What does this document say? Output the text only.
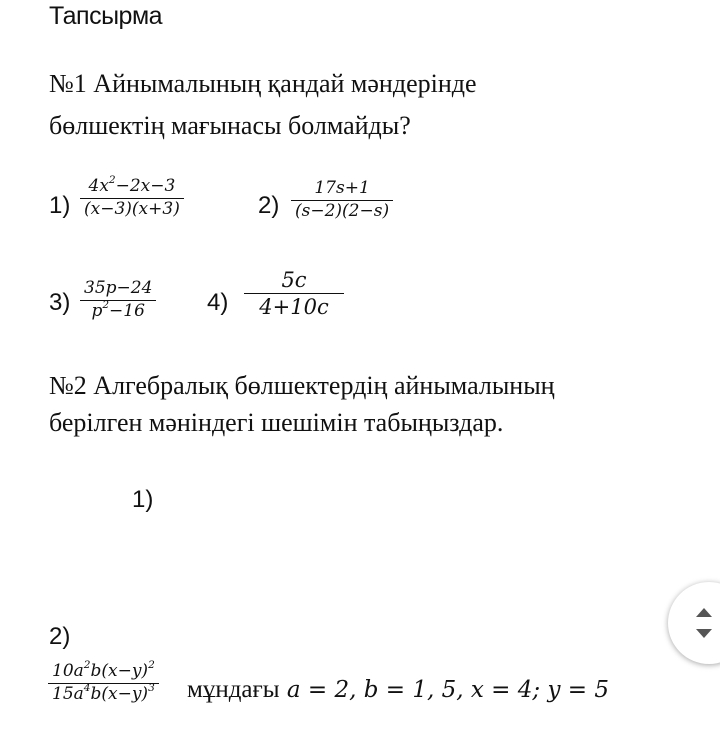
Тапсырма
№1 Айнымалының қандай мәндерінде
бөлшектің мағынасы болмайды?
1)
$4x^2-2x-3$
(x−3)(x+3)	2)
17s+1
(s−2)(2−s)
3)
35p−24
$p^2-16$	4)
5c
4+10c
№2 Алгебралық бөлшектердің айнымалының
берілген мәніндегі шешімін табыңыздар.
1)
2)
$10a^2b(x-y)^2$
$15a^4b(x-y)^3$ мұндағы a = 2, b = 1, 5, x = 4; y = 5
